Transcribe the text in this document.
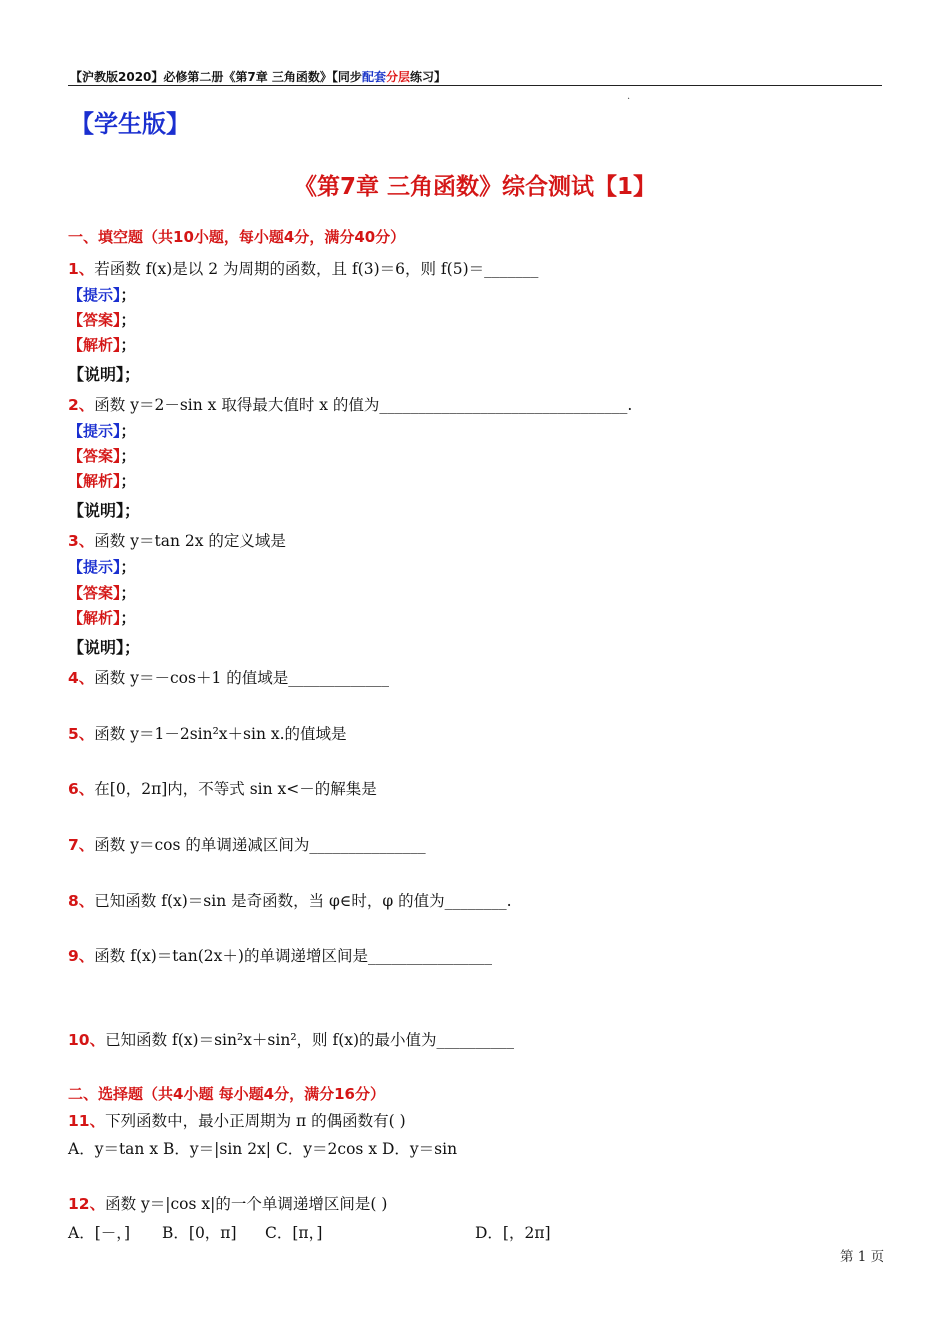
【沪教版2020】必修第二册《第7章 三角函数》【同步配套分层练习】
·
【学生版】
《第7章 三角函数》综合测试【1】
一、填空题（共10小题，每小题4分，满分40分）
1、若函数 f(x)是以 2 为周期的函数，且 f(3)＝6，则 f(5)＝_______
【提示】；
【答案】；
【解析】；
【说明】；
2、函数 y＝2－sin x 取得最大值时 x 的值为________________________________.
【提示】；
【答案】；
【解析】；
【说明】；
3、函数 y＝tan 2x 的定义域是
【提示】；
【答案】；
【解析】；
【说明】；
4、函数 y＝－cos＋1 的值域是_____________
5、函数 y＝1－2sin²x＋sin x.的值域是
6、在[0，2π]内，不等式 sin x<－的解集是
7、函数 y＝cos 的单调递减区间为_______________
8、已知函数 f(x)＝sin 是奇函数，当 φ∈时，φ 的值为________.
9、函数 f(x)＝tan(2x＋)的单调递增区间是________________
10、已知函数 f(x)＝sin²x＋sin²，则 f(x)的最小值为__________
二、选择题（共4小题 每小题4分，满分16分）
11、下列函数中，最小正周期为 π 的偶函数有( )
A．y＝tan x B．y＝|sin 2x| C．y＝2cos x D．y＝sin
12、函数 y＝|cos x|的一个单调递增区间是( )
A．[－，] B．[0，π] C．[π，]	D．[，2π]
第 1 页
